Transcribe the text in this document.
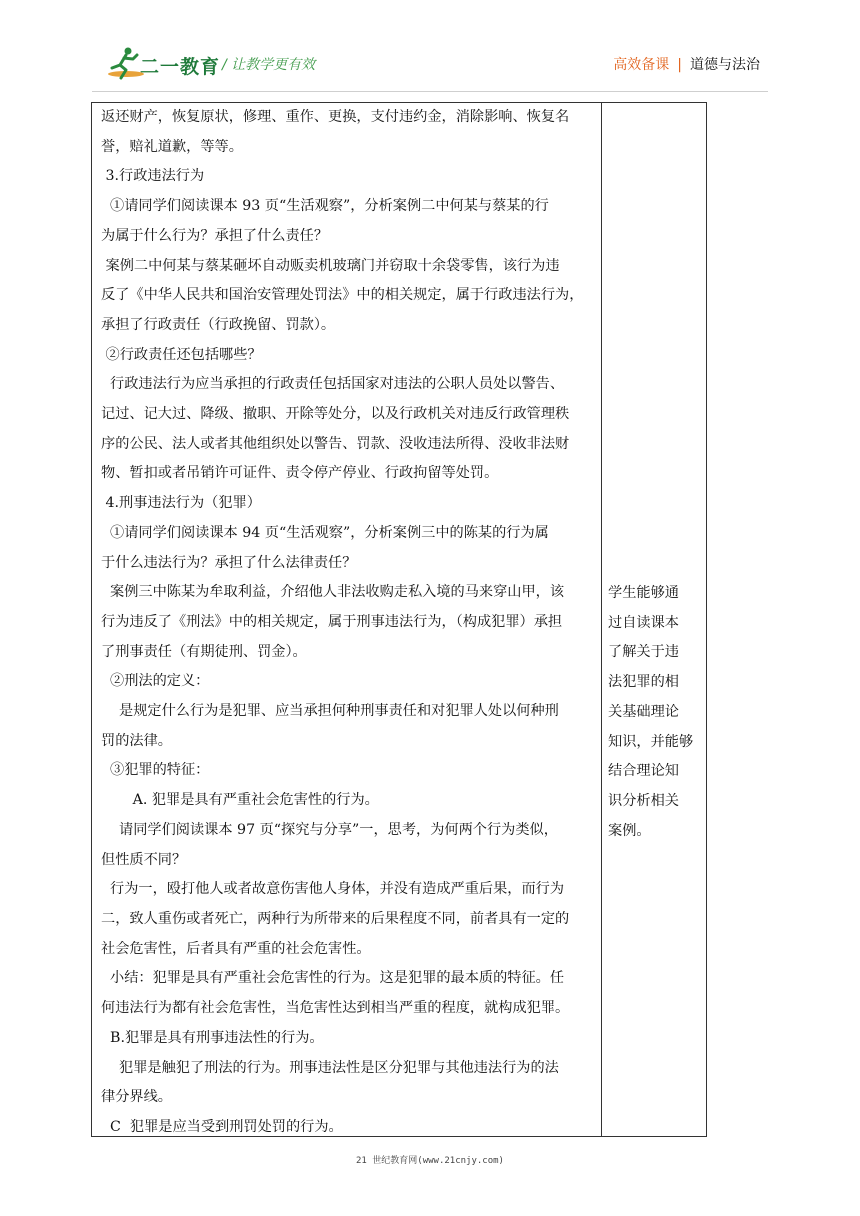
二一教育 / 让教学更有效	高效备课 | 道德与法治

返还财产，恢复原状，修理、重作、更换，支付违约金，消除影响、恢复名

誉，赔礼道歉，等等。

3.行政违法行为

①请同学们阅读课本 93 页“生活观察”，分析案例二中何某与蔡某的行

为属于什么行为？承担了什么责任？

案例二中何某与蔡某砸坏自动贩卖机玻璃门并窃取十余袋零售，该行为违

反了《中华人民共和国治安管理处罚法》中的相关规定，属于行政违法行为，

承担了行政责任（行政挽留、罚款）。

②行政责任还包括哪些？

行政违法行为应当承担的行政责任包括国家对违法的公职人员处以警告、

记过、记大过、降级、撤职、开除等处分，以及行政机关对违反行政管理秩

序的公民、法人或者其他组织处以警告、罚款、没收违法所得、没收非法财

物、暂扣或者吊销许可证件、责令停产停业、行政拘留等处罚。

4.刑事违法行为（犯罪）

①请同学们阅读课本 94 页“生活观察”，分析案例三中的陈某的行为属

于什么违法行为？承担了什么法律责任？

案例三中陈某为牟取利益，介绍他人非法收购走私入境的马来穿山甲，该

行为违反了《刑法》中的相关规定，属于刑事违法行为，（构成犯罪）承担

了刑事责任（有期徒刑、罚金）。

②刑法的定义：

是规定什么行为是犯罪、应当承担何种刑事责任和对犯罪人处以何种刑

罚的法律。

③犯罪的特征：

A. 犯罪是具有严重社会危害性的行为。

请同学们阅读课本 97 页“探究与分享”一，思考，为何两个行为类似，

但性质不同？

行为一，殴打他人或者故意伤害他人身体，并没有造成严重后果，而行为

二，致人重伤或者死亡，两种行为所带来的后果程度不同，前者具有一定的

社会危害性，后者具有严重的社会危害性。

小结：犯罪是具有严重社会危害性的行为。这是犯罪的最本质的特征。任

何违法行为都有社会危害性，当危害性达到相当严重的程度，就构成犯罪。

B.犯罪是具有刑事违法性的行为。

犯罪是触犯了刑法的行为。刑事违法性是区分犯罪与其他违法行为的法

律分界线。

C  犯罪是应当受到刑罚处罚的行为。

学生能够通

过自读课本

了解关于违

法犯罪的相

关基础理论

知识，并能够

结合理论知

识分析相关

案例。

21 世纪教育网(www.21cnjy.com)
